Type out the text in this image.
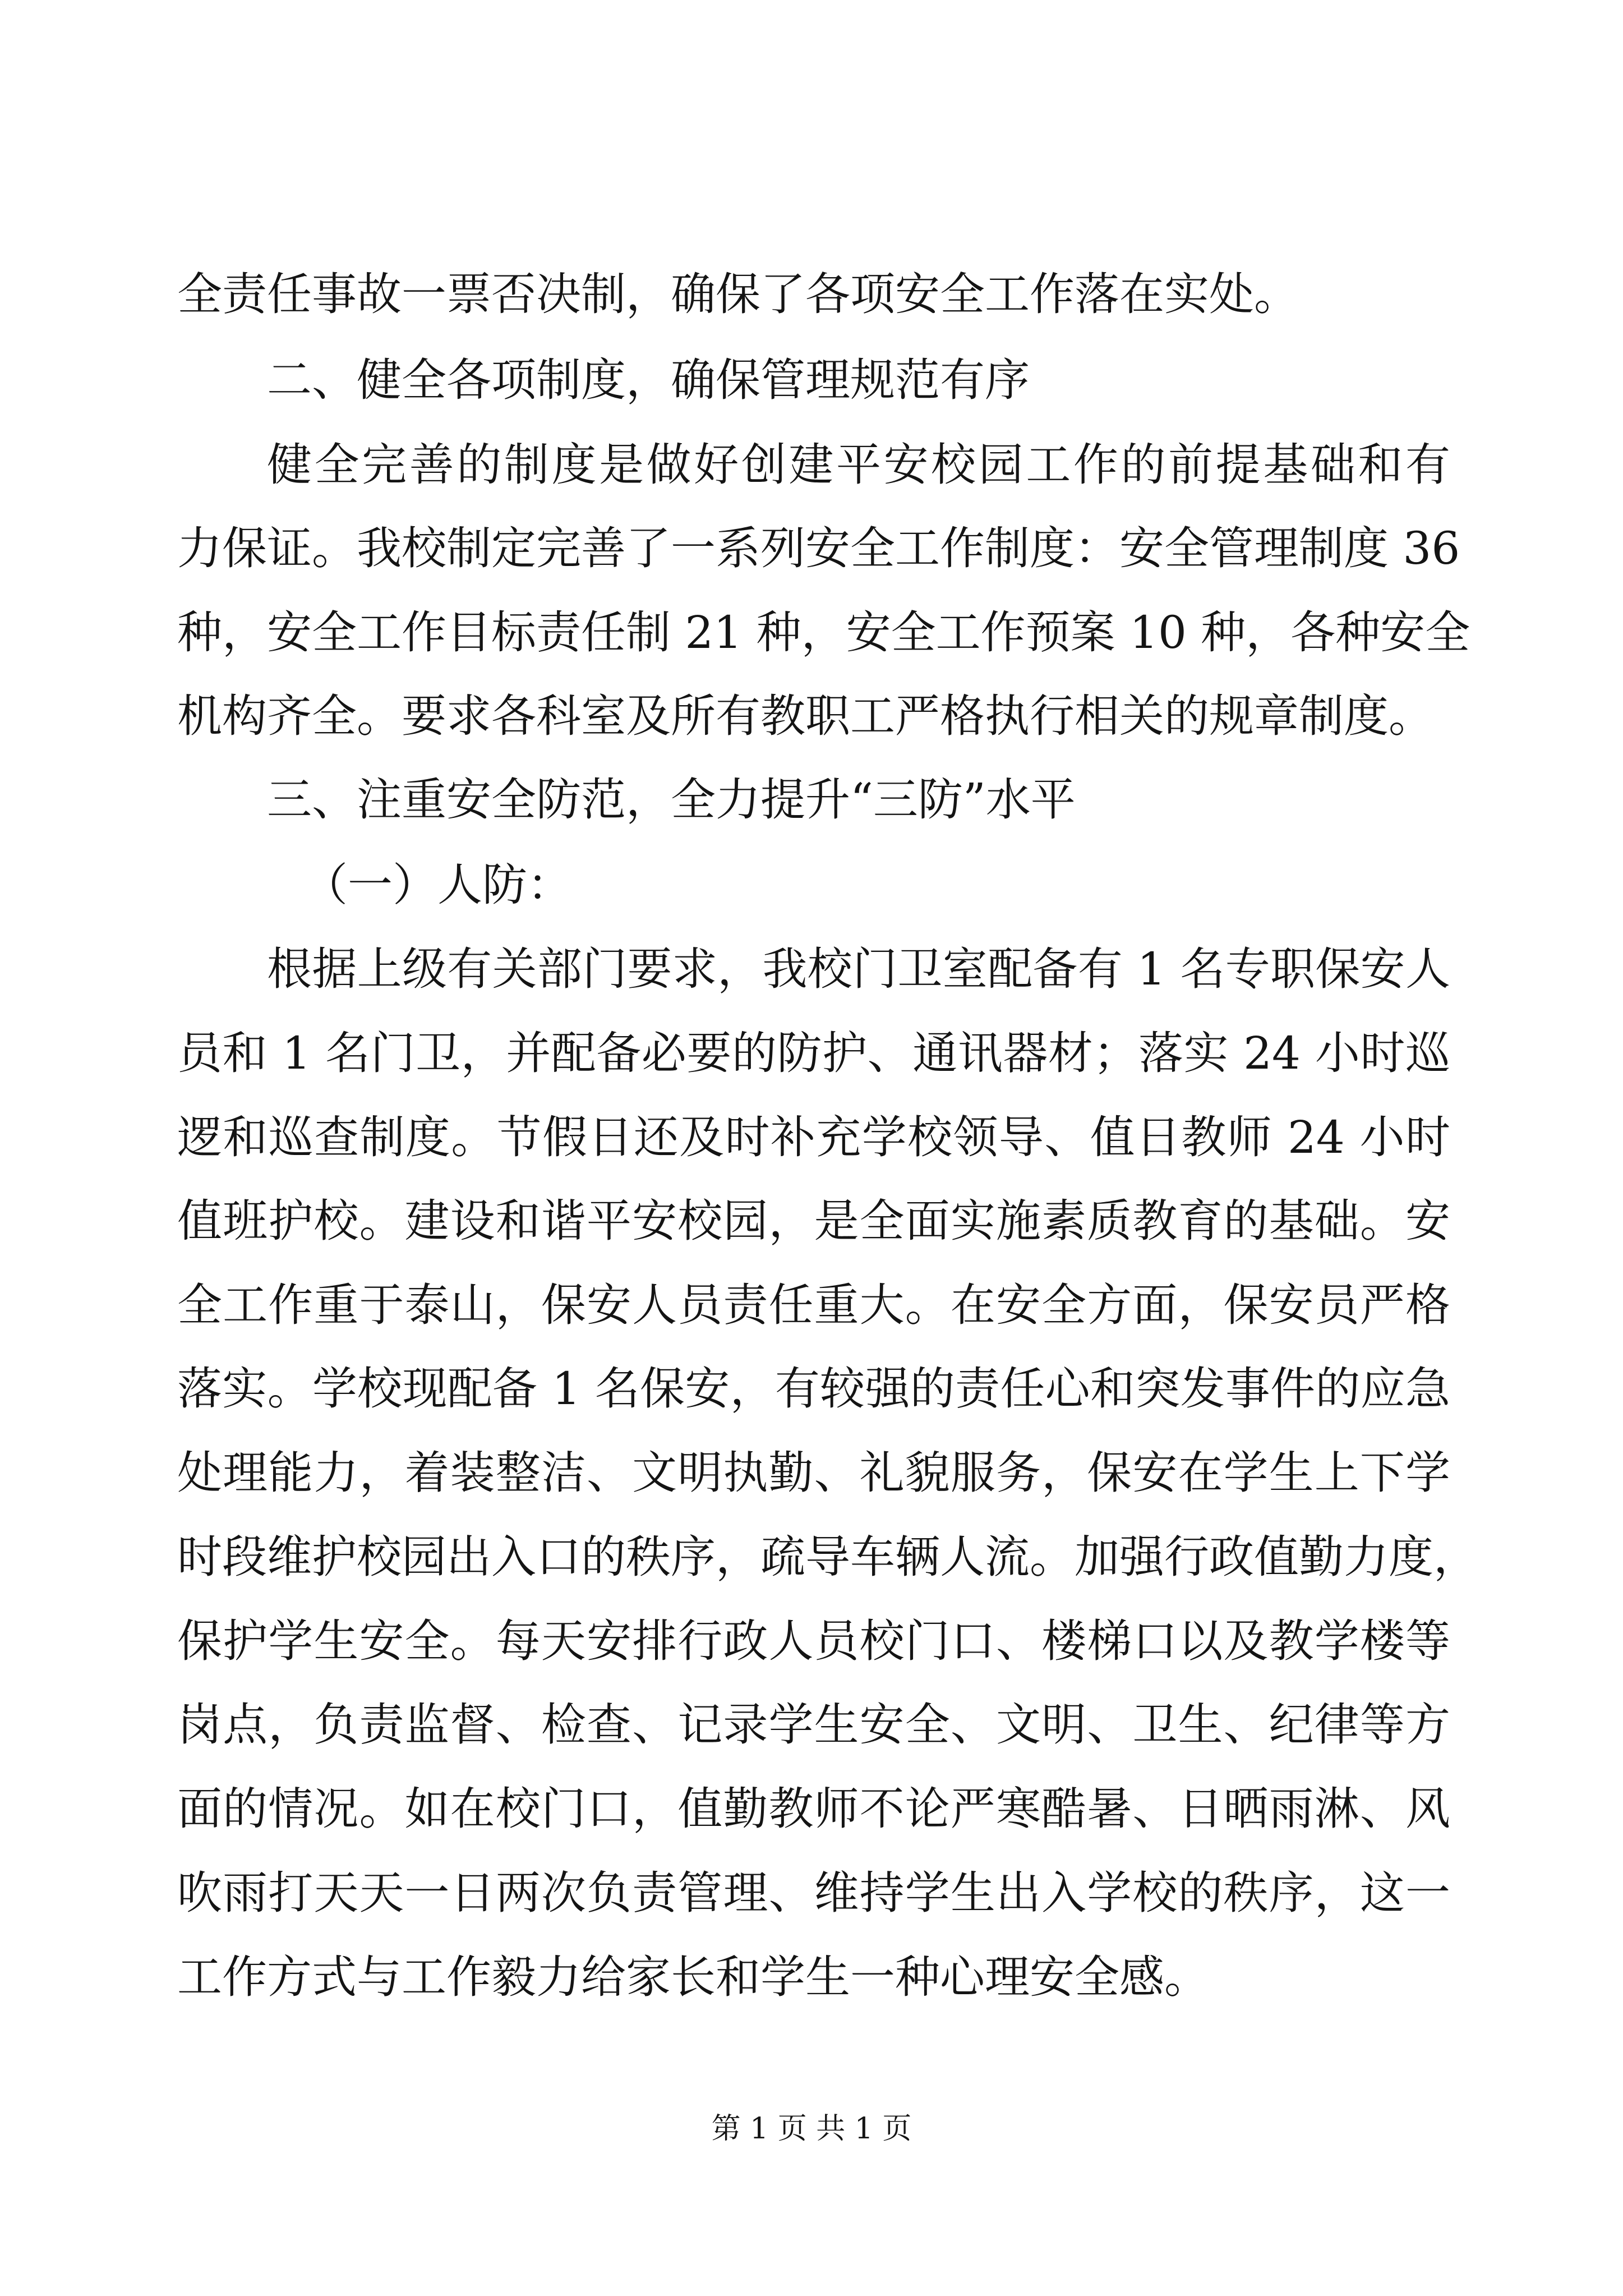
全责任事故一票否决制，确保了各项安全工作落在实处。
二、健全各项制度，确保管理规范有序
健全完善的制度是做好创建平安校园工作的前提基础和有
力保证。我校制定完善了一系列安全工作制度：安全管理制度 36
种，安全工作目标责任制 21 种，安全工作预案 10 种，各种安全
机构齐全。要求各科室及所有教职工严格执行相关的规章制度。
三、注重安全防范，全力提升“三防”水平
（一）人防：
根据上级有关部门要求，我校门卫室配备有 1 名专职保安人
员和 1 名门卫，并配备必要的防护、通讯器材；落实 24 小时巡
逻和巡查制度。节假日还及时补充学校领导、值日教师 24 小时
值班护校。建设和谐平安校园，是全面实施素质教育的基础。安
全工作重于泰山，保安人员责任重大。在安全方面，保安员严格
落实。学校现配备 1 名保安，有较强的责任心和突发事件的应急
处理能力，着装整洁、文明执勤、礼貌服务，保安在学生上下学
时段维护校园出入口的秩序，疏导车辆人流。加强行政值勤力度，
保护学生安全。每天安排行政人员校门口、楼梯口以及教学楼等
岗点，负责监督、检查、记录学生安全、文明、卫生、纪律等方
面的情况。如在校门口，值勤教师不论严寒酷暑、日晒雨淋、风
吹雨打天天一日两次负责管理、维持学生出入学校的秩序，这一
工作方式与工作毅力给家长和学生一种心理安全感。
第 1 页 共 1 页
